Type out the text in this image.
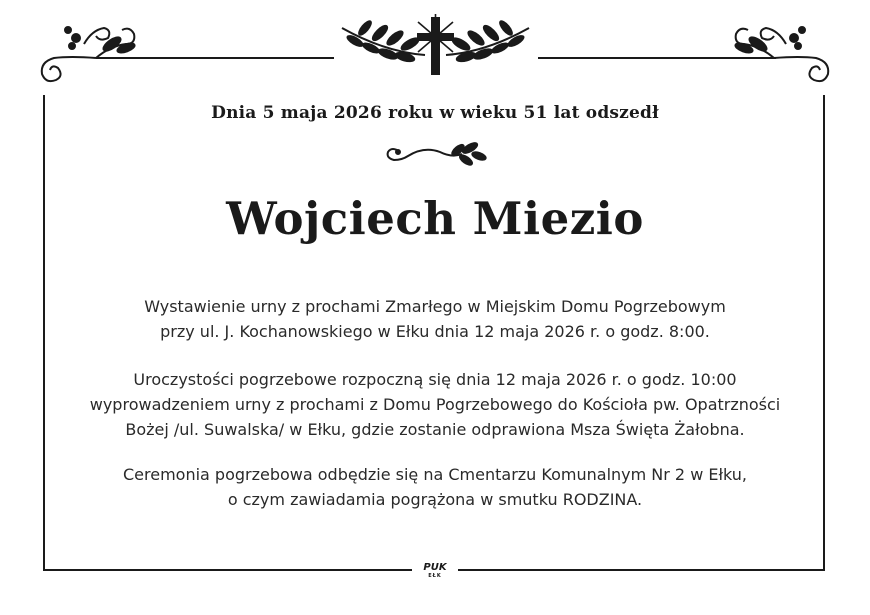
Dnia 5 maja 2026 roku w wieku 51 lat odszedł
Wojciech Miezio
Wystawienie urny z prochami Zmarłego w Miejskim Domu Pogrzebowym
przy ul. J. Kochanowskiego w Ełku dnia 12 maja 2026 r. o godz. 8:00.
Uroczystości pogrzebowe rozpoczną się dnia 12 maja 2026 r. o godz. 10:00
wyprowadzeniem urny z prochami z Domu Pogrzebowego do Kościoła pw. Opatrzności
Bożej /ul. Suwalska/ w Ełku, gdzie zostanie odprawiona Msza Święta Żałobna.
Ceremonia pogrzebowa odbędzie się na Cmentarzu Komunalnym Nr 2 w Ełku,
o czym zawiadamia pogrążona w smutku RODZINA.
PUK
EŁK
